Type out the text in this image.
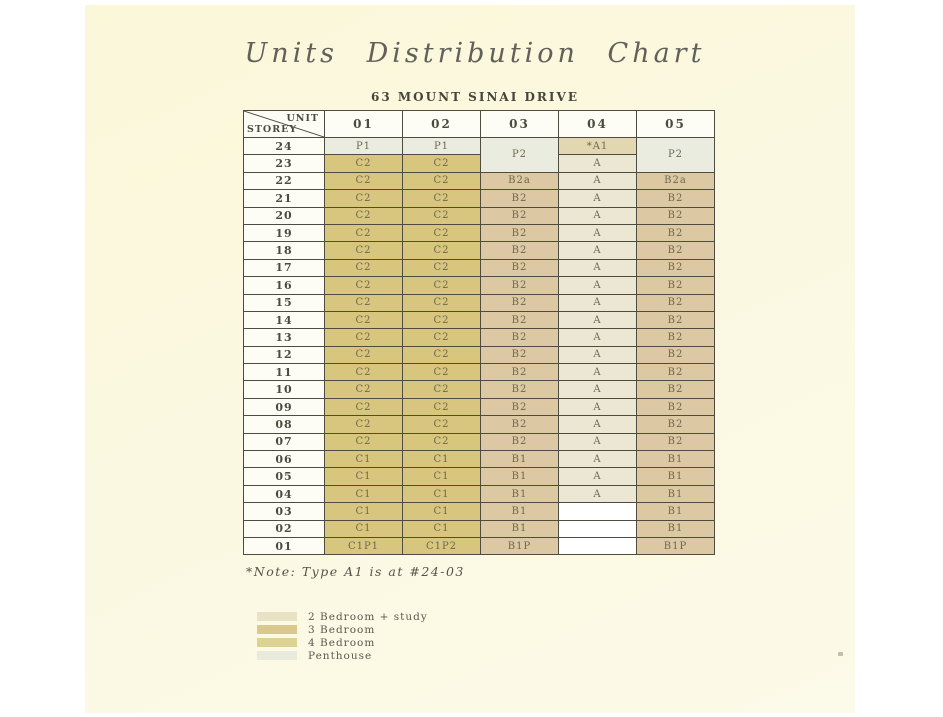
Units Distribution Chart
63 MOUNT SINAI DRIVE
UNIT
STOREY	01	02	03	04	05
24	P1	P1	P2	*A1	P2
23	C2	C2		A	
22	C2	C2	B2a	A	B2a
21	C2	C2	B2	A	B2
20	C2	C2	B2	A	B2
19	C2	C2	B2	A	B2
18	C2	C2	B2	A	B2
17	C2	C2	B2	A	B2
16	C2	C2	B2	A	B2
15	C2	C2	B2	A	B2
14	C2	C2	B2	A	B2
13	C2	C2	B2	A	B2
12	C2	C2	B2	A	B2
11	C2	C2	B2	A	B2
10	C2	C2	B2	A	B2
09	C2	C2	B2	A	B2
08	C2	C2	B2	A	B2
07	C2	C2	B2	A	B2
06	C1	C1	B1	A	B1
05	C1	C1	B1	A	B1
04	C1	C1	B1	A	B1
03	C1	C1	B1		B1
02	C1	C1	B1		B1
01	C1P1	C1P2	B1P		B1P
*Note: Type A1 is at #24-03
2 Bedroom + study
3 Bedroom
4 Bedroom
Penthouse
